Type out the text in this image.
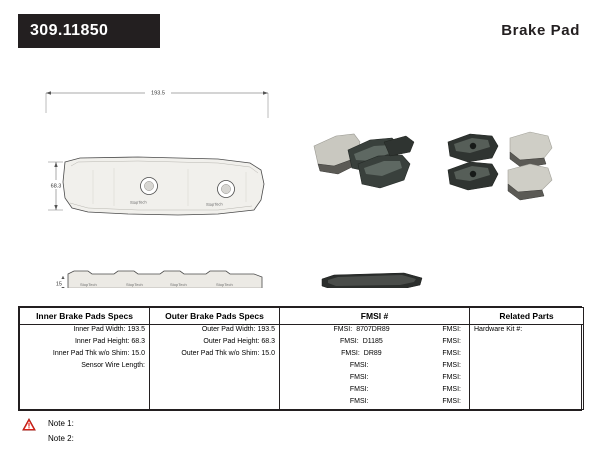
309.11850	Brake Pad
193.5
68.3
StopTech	StopTech
15	StopTech	StopTech	StopTech	StopTech
Inner Brake Pads Specs	Outer Brake Pads Specs	FMSI #	Related Parts
Inner Pad Width: 193.5	Outer Pad Width: 193.5	FMSI: 8707DR89 FMSI:	Hardware Kit #:
Inner Pad Height: 68.3	Outer Pad Height: 68.3	FMSI: D1185 FMSI:	

Inner Pad Thk w/o Shim: 15.0	Outer Pad Thk w/o Shim: 15.0	FMSI: DR89 FMSI:	

Sensor Wire Length:		FMSI: FMSI:	

		FMSI: FMSI:	

		FMSI: FMSI:	

		FMSI: FMSI:	

Note 1:
Note 2:
